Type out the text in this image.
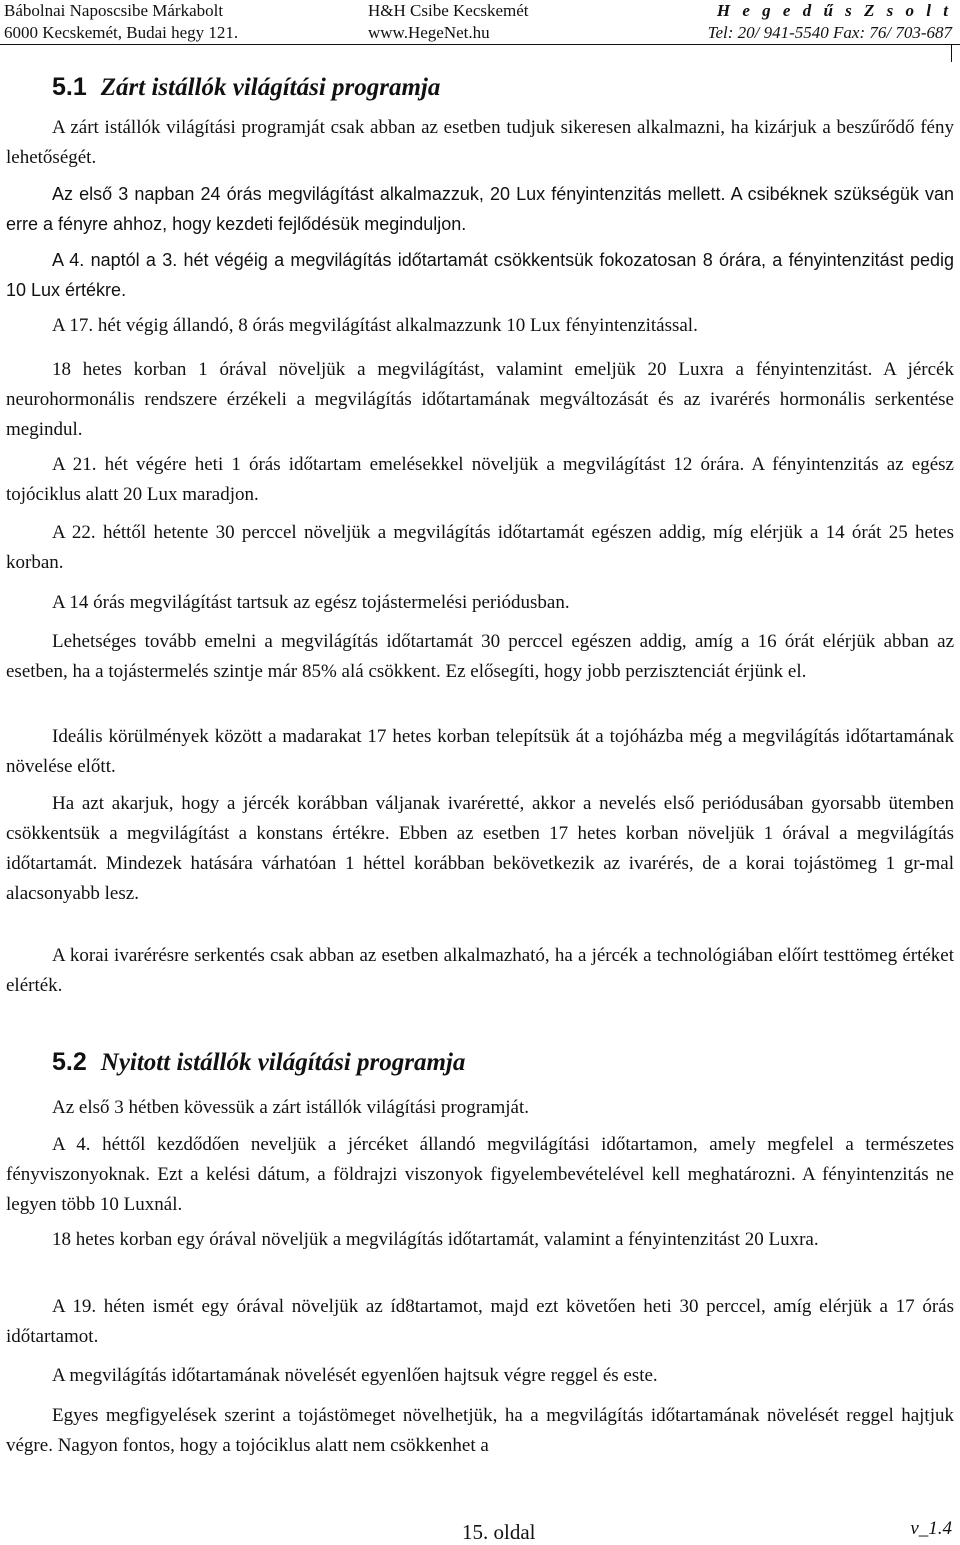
Bábolnai Naposcsibe Márkabolt
6000 Kecskemét, Budai hegy 121.
H&H Csibe Kecskemét
www.HegeNet.hu
H e g e d ű s Z s o l t
Tel: 20/ 941-5540 Fax: 76/ 703-687
5.1 Zárt istállók világítási programja

A zárt istállók világítási programját csak abban az esetben tudjuk sikeresen alkalmazni, ha kizárjuk a beszűrődő fény lehetőségét.

Az első 3 napban 24 órás megvilágítást alkalmazzuk, 20 Lux fényintenzitás mellett. A csibéknek szükségük van erre a fényre ahhoz, hogy kezdeti fejlődésük meginduljon.

A 4. naptól a 3. hét végéig a megvilágítás időtartamát csökkentsük fokozatosan 8 órára, a fényintenzitást pedig 10 Lux értékre.

A 17. hét végig állandó, 8 órás megvilágítást alkalmazzunk 10 Lux fényintenzitással.

18 hetes korban 1 órával növeljük a megvilágítást, valamint emeljük 20 Luxra a fényintenzitást. A jércék neurohormonális rendszere érzékeli a megvilágítás időtartamának megváltozását és az ivarérés hormonális serkentése megindul.

A 21. hét végére heti 1 órás időtartam emelésekkel növeljük a megvilágítást 12 órára. A fényintenzitás az egész tojóciklus alatt 20 Lux maradjon.

A 22. héttől hetente 30 perccel növeljük a megvilágítás időtartamát egészen addig, míg elérjük a 14 órát 25 hetes korban.

A 14 órás megvilágítást tartsuk az egész tojástermelési periódusban.

Lehetséges tovább emelni a megvilágítás időtartamát 30 perccel egészen addig, amíg a 16 órát elérjük abban az esetben, ha a tojástermelés szintje már 85% alá csökkent. Ez elősegíti, hogy jobb perzisztenciát érjünk el.

Ideális körülmények között a madarakat 17 hetes korban telepítsük át a tojóházba még a megvilágítás időtartamának növelése előtt.

Ha azt akarjuk, hogy a jércék korábban váljanak ivaréretté, akkor a nevelés első periódusában gyorsabb ütemben csökkentsük a megvilágítást a konstans értékre. Ebben az esetben 17 hetes korban növeljük 1 órával a megvilágítás időtartamát. Mindezek hatására várhatóan 1 héttel korábban bekövetkezik az ivarérés, de a korai tojástömeg 1 gr-mal alacsonyabb lesz.

A korai ivarérésre serkentés csak abban az esetben alkalmazható, ha a jércék a technológiában előírt testtömeg értéket elérték.

5.2 Nyitott istállók világítási programja

Az első 3 hétben kövessük a zárt istállók világítási programját.

A 4. héttől kezdődően neveljük a jércéket állandó megvilágítási időtartamon, amely megfelel a természetes fényviszonyoknak. Ezt a kelési dátum, a földrajzi viszonyok figyelembevételével kell meghatározni. A fényintenzitás ne legyen több 10 Luxnál.

18 hetes korban egy órával növeljük a megvilágítás időtartamát, valamint a fényintenzitást 20 Luxra.

A 19. héten ismét egy órával növeljük az íd8tartamot, majd ezt követően heti 30 perccel, amíg elérjük a 17 órás időtartamot.

A megvilágítás időtartamának növelését egyenlően hajtsuk végre reggel és este.

Egyes megfigyelések szerint a tojástömeget növelhetjük, ha a megvilágítás időtartamának növelését reggel hajtjuk végre. Nagyon fontos, hogy a tojóciklus alatt nem csökkenhet a

15. oldal	v_1.4
